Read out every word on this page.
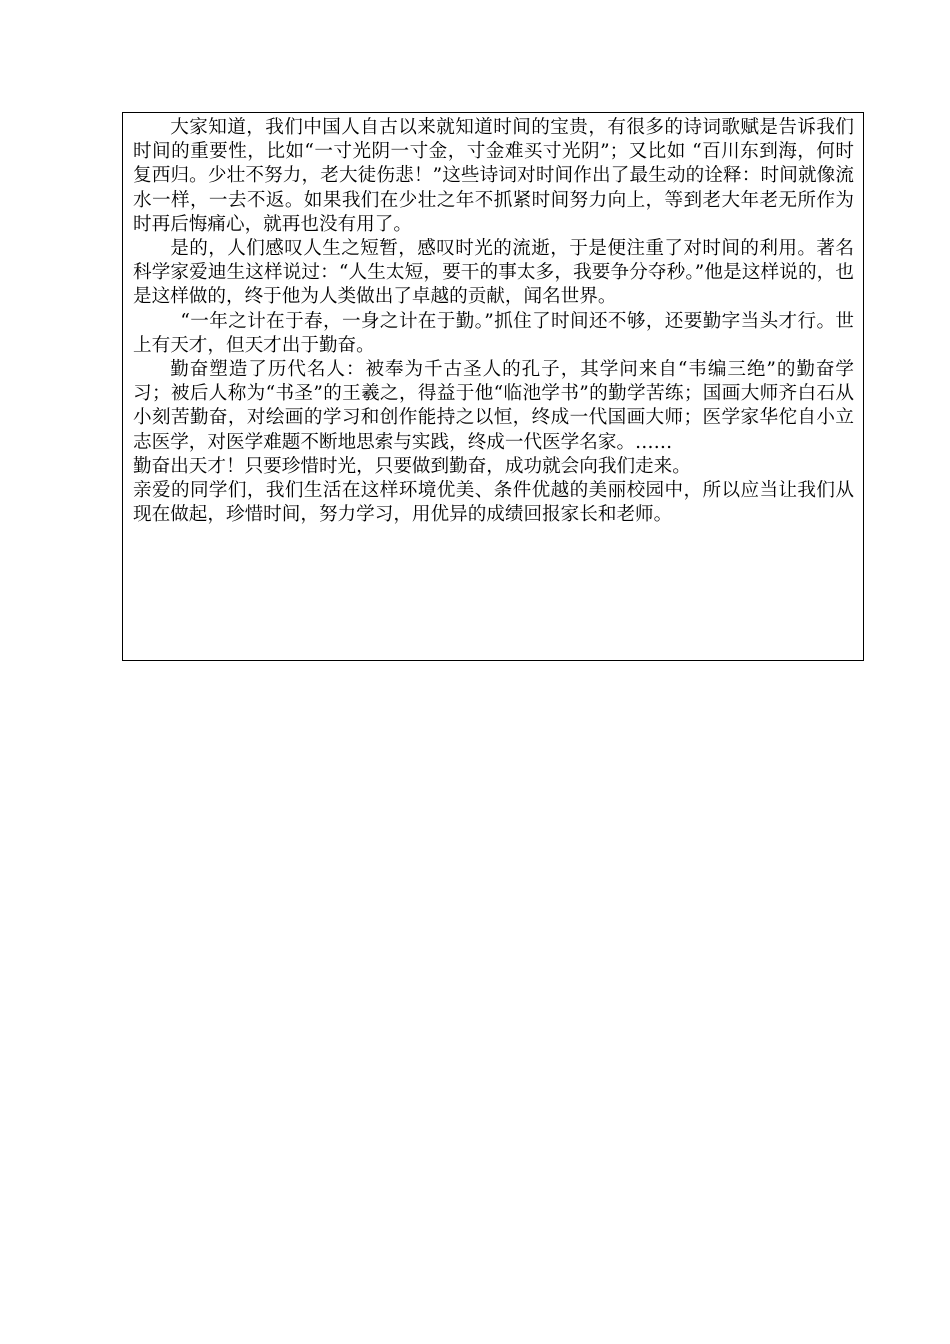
大家知道，我们中国人自古以来就知道时间的宝贵，有很多的诗词歌赋是告诉我们时间的重要性，比如“一寸光阴一寸金，寸金难买寸光阴”；又比如 “百川东到海，何时复西归。少壮不努力，老大徒伤悲！”这些诗词对时间作出了最生动的诠释：时间就像流水一样，一去不返。如果我们在少壮之年不抓紧时间努力向上，等到老大年老无所作为时再后悔痛心，就再也没有用了。

是的，人们感叹人生之短暂，感叹时光的流逝，于是便注重了对时间的利用。著名科学家爱迪生这样说过：“人生太短，要干的事太多，我要争分夺秒。”他是这样说的，也是这样做的，终于他为人类做出了卓越的贡献，闻名世界。

“一年之计在于春，一身之计在于勤。”抓住了时间还不够，还要勤字当头才行。世上有天才，但天才出于勤奋。

勤奋塑造了历代名人：被奉为千古圣人的孔子，其学问来自“韦编三绝”的勤奋学习；被后人称为“书圣”的王羲之，得益于他“临池学书”的勤学苦练；国画大师齐白石从小刻苦勤奋，对绘画的学习和创作能持之以恒，终成一代国画大师；医学家华佗自小立志医学，对医学难题不断地思索与实践，终成一代医学名家。……

勤奋出天才！只要珍惜时光，只要做到勤奋，成功就会向我们走来。

亲爱的同学们，我们生活在这样环境优美、条件优越的美丽校园中，所以应当让我们从现在做起，珍惜时间，努力学习，用优异的成绩回报家长和老师。
